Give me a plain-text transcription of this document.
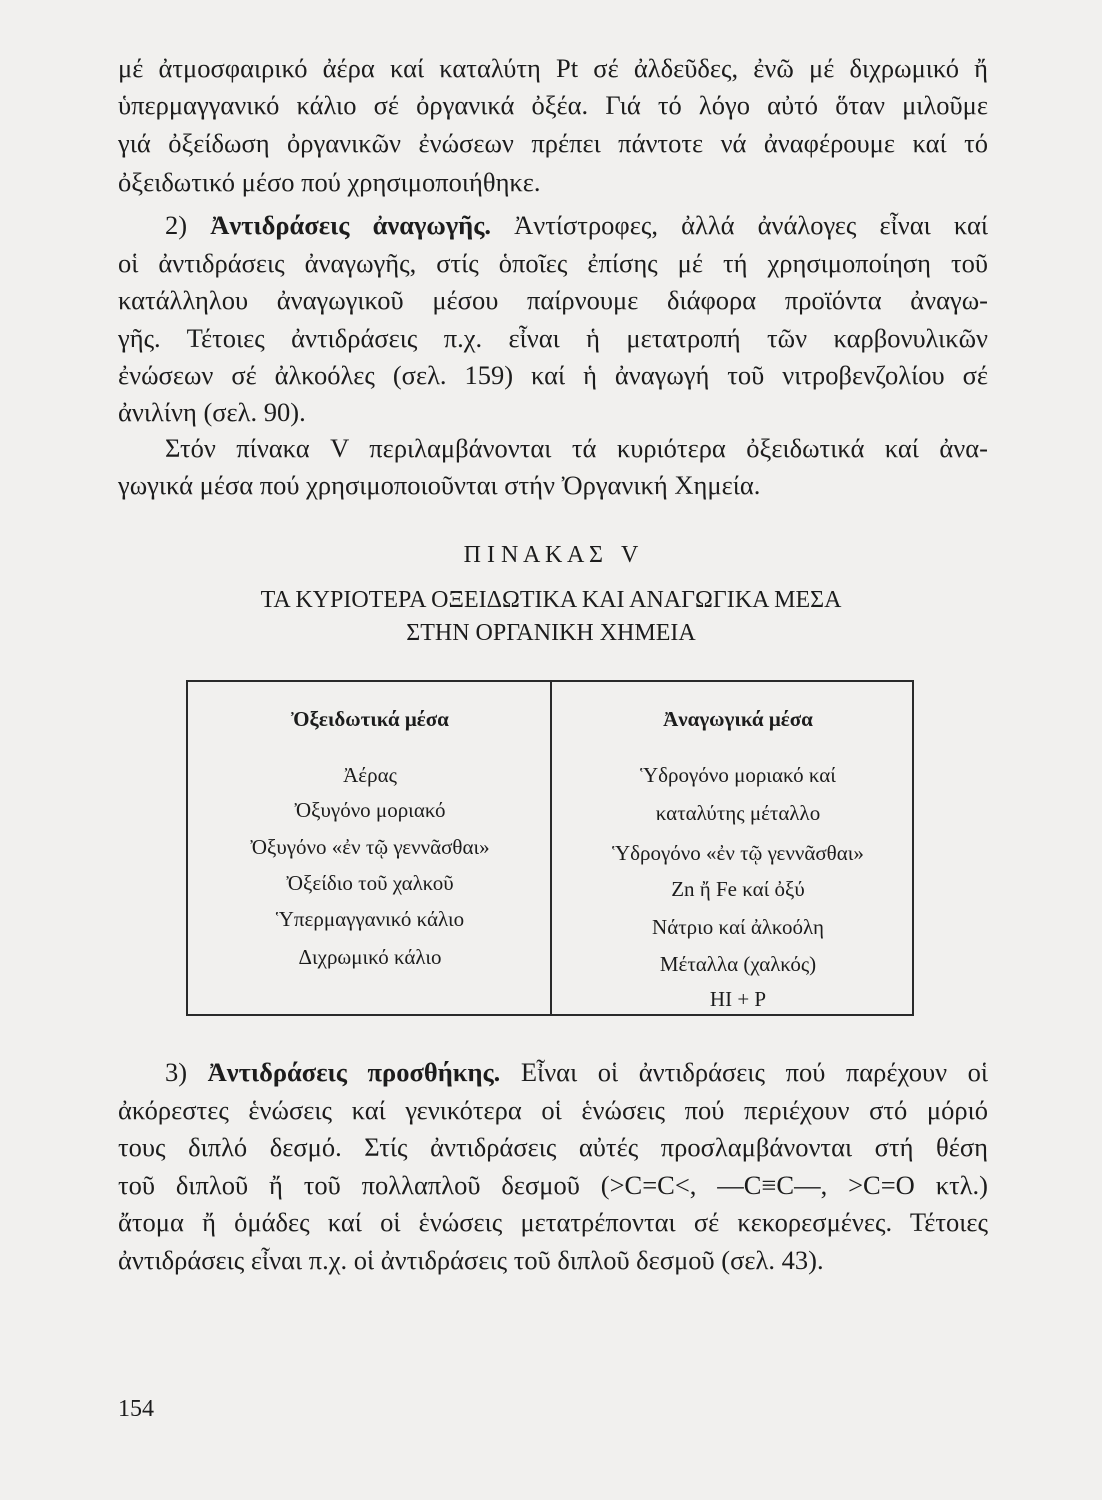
μέ ἀτμοσφαιρικό ἀέρα καί καταλύτη Pt σέ ἀλδεῦδες, ἐνῶ μέ διχρωμικό ἤ
ὑπερμαγγανικό κάλιο σέ ὀργανικά ὀξέα. Γιά τό λόγο αὐτό ὅταν μιλοῦμε
γιά ὀξείδωση ὀργανικῶν ἐνώσεων πρέπει πάντοτε νά ἀναφέρουμε καί τό
ὀξειδωτικό μέσο πού χρησιμοποιήθηκε.
2) Ἀντιδράσεις ἀναγωγῆς. Ἀντίστροφες, ἀλλά ἀνάλογες εἶναι καί
οἱ ἀντιδράσεις ἀναγωγῆς, στίς ὁποῖες ἐπίσης μέ τή χρησιμοποίηση τοῦ
κατάλληλου ἀναγωγικοῦ μέσου παίρνουμε διάφορα προϊόντα ἀναγω-
γῆς. Τέτοιες ἀντιδράσεις π.χ. εἶναι ἡ μετατροπή τῶν καρβονυλικῶν
ἐνώσεων σέ ἀλκοόλες (σελ. 159) καί ἡ ἀναγωγή τοῦ νιτροβενζολίου σέ
ἀνιλίνη (σελ. 90).
Στόν πίνακα V περιλαμβάνονται τά κυριότερα ὀξειδωτικά καί ἀνα-
γωγικά μέσα πού χρησιμοποιοῦνται στήν Ὀργανική Χημεία.
Π Ι Ν Α Κ Α Σ   V
ΤΑ ΚΥΡΙΟΤΕΡΑ ΟΞΕΙΔΩΤΙΚΑ ΚΑΙ ΑΝΑΓΩΓΙΚΑ ΜΕΣΑ
ΣΤΗΝ ΟΡΓΑΝΙΚΗ ΧΗΜΕΙΑ
Ὀξειδωτικά μέσα	Ἀναγωγικά μέσα
Ἀέρας
Ὀξυγόνο μοριακό
Ὀξυγόνο «ἐν τῷ γεννᾶσθαι»
Ὀξείδιο τοῦ χαλκοῦ
Ὑπερμαγγανικό κάλιο
Διχρωμικό κάλιο
Ὑδρογόνο μοριακό καί
καταλύτης μέταλλο
Ὑδρογόνο «ἐν τῷ γεννᾶσθαι»
Zn ἤ Fe καί ὀξύ
Νάτριο καί ἀλκοόλη
Μέταλλα (χαλκός)
HI + P
3) Ἀντιδράσεις προσθήκης. Εἶναι οἱ ἀντιδράσεις πού παρέχουν οἱ
ἀκόρεστες ἑνώσεις καί γενικότερα οἱ ἑνώσεις πού περιέχουν στό μόριό
τους διπλό δεσμό. Στίς ἀντιδράσεις αὐτές προσλαμβάνονται στή θέση
τοῦ διπλοῦ ἤ τοῦ πολλαπλοῦ δεσμοῦ (>C=C<, —C≡C—, >C=O κτλ.)
ἄτομα ἤ ὁμάδες καί οἱ ἑνώσεις μετατρέπονται σέ κεκορεσμένες. Τέτοιες
ἀντιδράσεις εἶναι π.χ. οἱ ἀντιδράσεις τοῦ διπλοῦ δεσμοῦ (σελ. 43).
154
